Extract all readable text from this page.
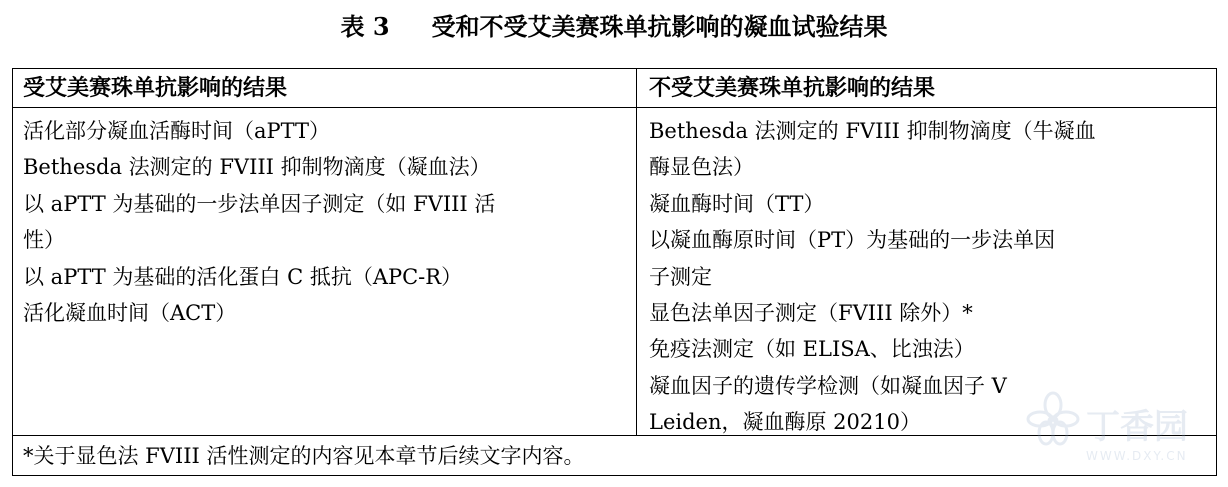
表 3 受和不受艾美赛珠单抗影响的凝血试验结果
受艾美赛珠单抗影响的结果	不受艾美赛珠单抗影响的结果
活化部分凝血活酶时间（aPTT）
Bethesda 法测定的 FVIII 抑制物滴度（凝血法）
以 aPTT 为基础的一步法单因子测定（如 FVIII 活
性）
以 aPTT 为基础的活化蛋白 C 抵抗（APC-R）
活化凝血时间（ACT）
Bethesda 法测定的 FVIII 抑制物滴度（牛凝血
酶显色法）
凝血酶时间（TT）
以凝血酶原时间（PT）为基础的一步法单因
子测定
显色法单因子测定（FVIII 除外）*
免疫法测定（如 ELISA、比浊法）
凝血因子的遗传学检测（如凝血因子 V
Leiden，凝血酶原 20210）
*关于显色法 FVIII 活性测定的内容见本章节后续文字内容。
丁香园
WWW.DXY.CN
